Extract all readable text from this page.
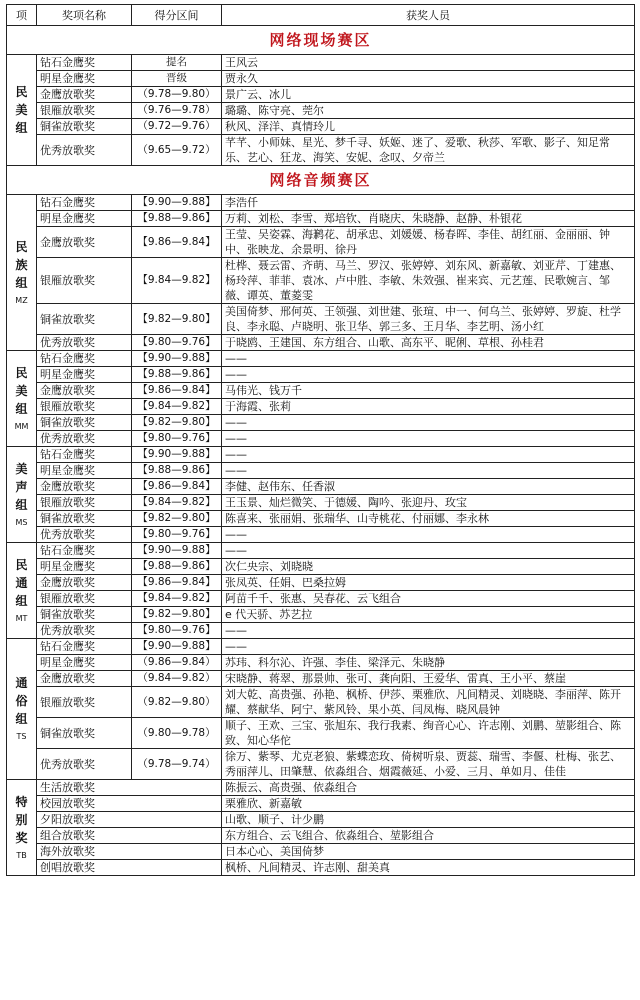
项	奖项名称	得分区间	获奖人员
网络现场赛区			

民
美
组	钻石金鹰奖	提名	王风云
	明星金鹰奖	晋级	贾永久
	金鹰放歌奖	（9.78—9.80）	景广云、冰儿
	银雁放歌奖	（9.76—9.78）	璐璐、陈守亮、莞尔
	铜雀放歌奖	（9.72—9.76）	秋风、泽洋、真情玲儿
	优秀放歌奖	（9.65—9.72）	芊芊、小师妹、星光、梦千寻、妖姬、迷了、爱歌、秋莎、军歌、影子、知足常乐、艺心、狂龙、海笑、安妮、念叹、夕帝兰
网络音频赛区			

民
族
组
MZ	钻石金鹰奖	【9.90—9.88】	李浩仟
	明星金鹰奖	【9.88—9.86】	万莉、刘松、李雪、郑培钦、肖晓庆、朱晓静、赵静、朴银花
	金鹰放歌奖	【9.86—9.84】	王莹、吴姿霖、海鹣花、胡承忠、刘媛媛、杨春晖、李佳、胡红丽、金丽丽、钟中、张映龙、余景明、徐丹
	银雁放歌奖	【9.84—9.82】	杜桦、聂云雷、齐萌、马兰、罗汉、张婷婷、刘东风、新嘉敏、刘亚芹、丁建惠、杨玲萍、菲菲、袁冰、卢中胜、李敏、朱效强、崔来宾、元艺莲、民歌婉言、邹薇、谭英、董菱雯
	铜雀放歌奖	【9.82—9.80】	美国倚梦、邢何英、王领强、刘世建、张瑄、中一、何乌兰、张婷婷、罗旋、杜学良、李永聪、卢晓明、张卫华、郭三多、王月华、李艺明、汤小红
	优秀放歌奖	【9.80—9.76】	于晓鸥、王建国、东方组合、山歌、高东平、昵俐、草根、孙桂君

民
美
组
MM	钻石金鹰奖	【9.90—9.88】	——
	明星金鹰奖	【9.88—9.86】	——
	金鹰放歌奖	【9.86—9.84】	马伟光、钱万千
	银雁放歌奖	【9.84—9.82】	于海霞、张莉
	铜雀放歌奖	【9.82—9.80】	——
	优秀放歌奖	【9.80—9.76】	——

美
声
组
MS	钻石金鹰奖	【9.90—9.88】	——
	明星金鹰奖	【9.88—9.86】	——
	金鹰放歌奖	【9.86—9.84】	李健、赵伟东、任香淑
	银雁放歌奖	【9.84—9.82】	王玉景、灿烂微笑、于德媛、陶吟、张迎丹、玫宝
	铜雀放歌奖	【9.82—9.80】	陈喜来、张丽娟、张瑞华、山寺桃花、付丽娜、李永林
	优秀放歌奖	【9.80—9.76】	——

民
通
组
MT	钻石金鹰奖	【9.90—9.88】	——
	明星金鹰奖	【9.88—9.86】	次仁央宗、刘晓晓
	金鹰放歌奖	【9.86—9.84】	张凤英、任娟、巴桑拉姆
	银雁放歌奖	【9.84—9.82】	阿苗千千、张惠、吴春花、云飞组合
	铜雀放歌奖	【9.82—9.80】	e 代天骄、苏艺拉
	优秀放歌奖	【9.80—9.76】	——

通
俗
组
TS	钻石金鹰奖	【9.90—9.88】	——
	明星金鹰奖	（9.86—9.84）	苏玮、科尔沁、许强、李佳、梁泽元、朱晓静
	金鹰放歌奖	（9.84—9.82）	宋晓静、蒋翠、那景帅、张可、龚向阳、王爱华、雷真、王小平、蔡崖
	银雁放歌奖	（9.82—9.80）	刘大乾、高贵强、孙艳、枫桥、伊莎、栗雅欣、凡间精灵、刘晓晓、李丽萍、陈开耀、蔡献华、阿宁、紫风铃、果小英、闫凤梅、晓风晨钟
	铜雀放歌奖	（9.80—9.78）	顺子、王欢、三宝、张旭东、我行我素、绚音心心、许志刚、刘鹏、堃影组合、陈致、知心华佗
	优秀放歌奖	（9.78—9.74）	徐万、紫琴、尤克老狼、紫蝶恋玫、倚树听泉、贾蕊、瑞雪、李偃、杜梅、张艺、秀丽萍儿、田肇慧、依淼组合、烟霞薇延、小爱、三月、单如月、佳佳

特
别
奖
TB	生活放歌奖		陈振云、高贵强、依淼组合
	校园放歌奖		栗雅欣、新嘉敏
	夕阳放歌奖		山歌、顺子、计少鹏
	组合放歌奖		东方组合、云飞组合、依淼组合、堃影组合
	海外放歌奖		日本心心、美国倚梦
	创唱放歌奖		枫桥、凡间精灵、许志刚、甜美真
